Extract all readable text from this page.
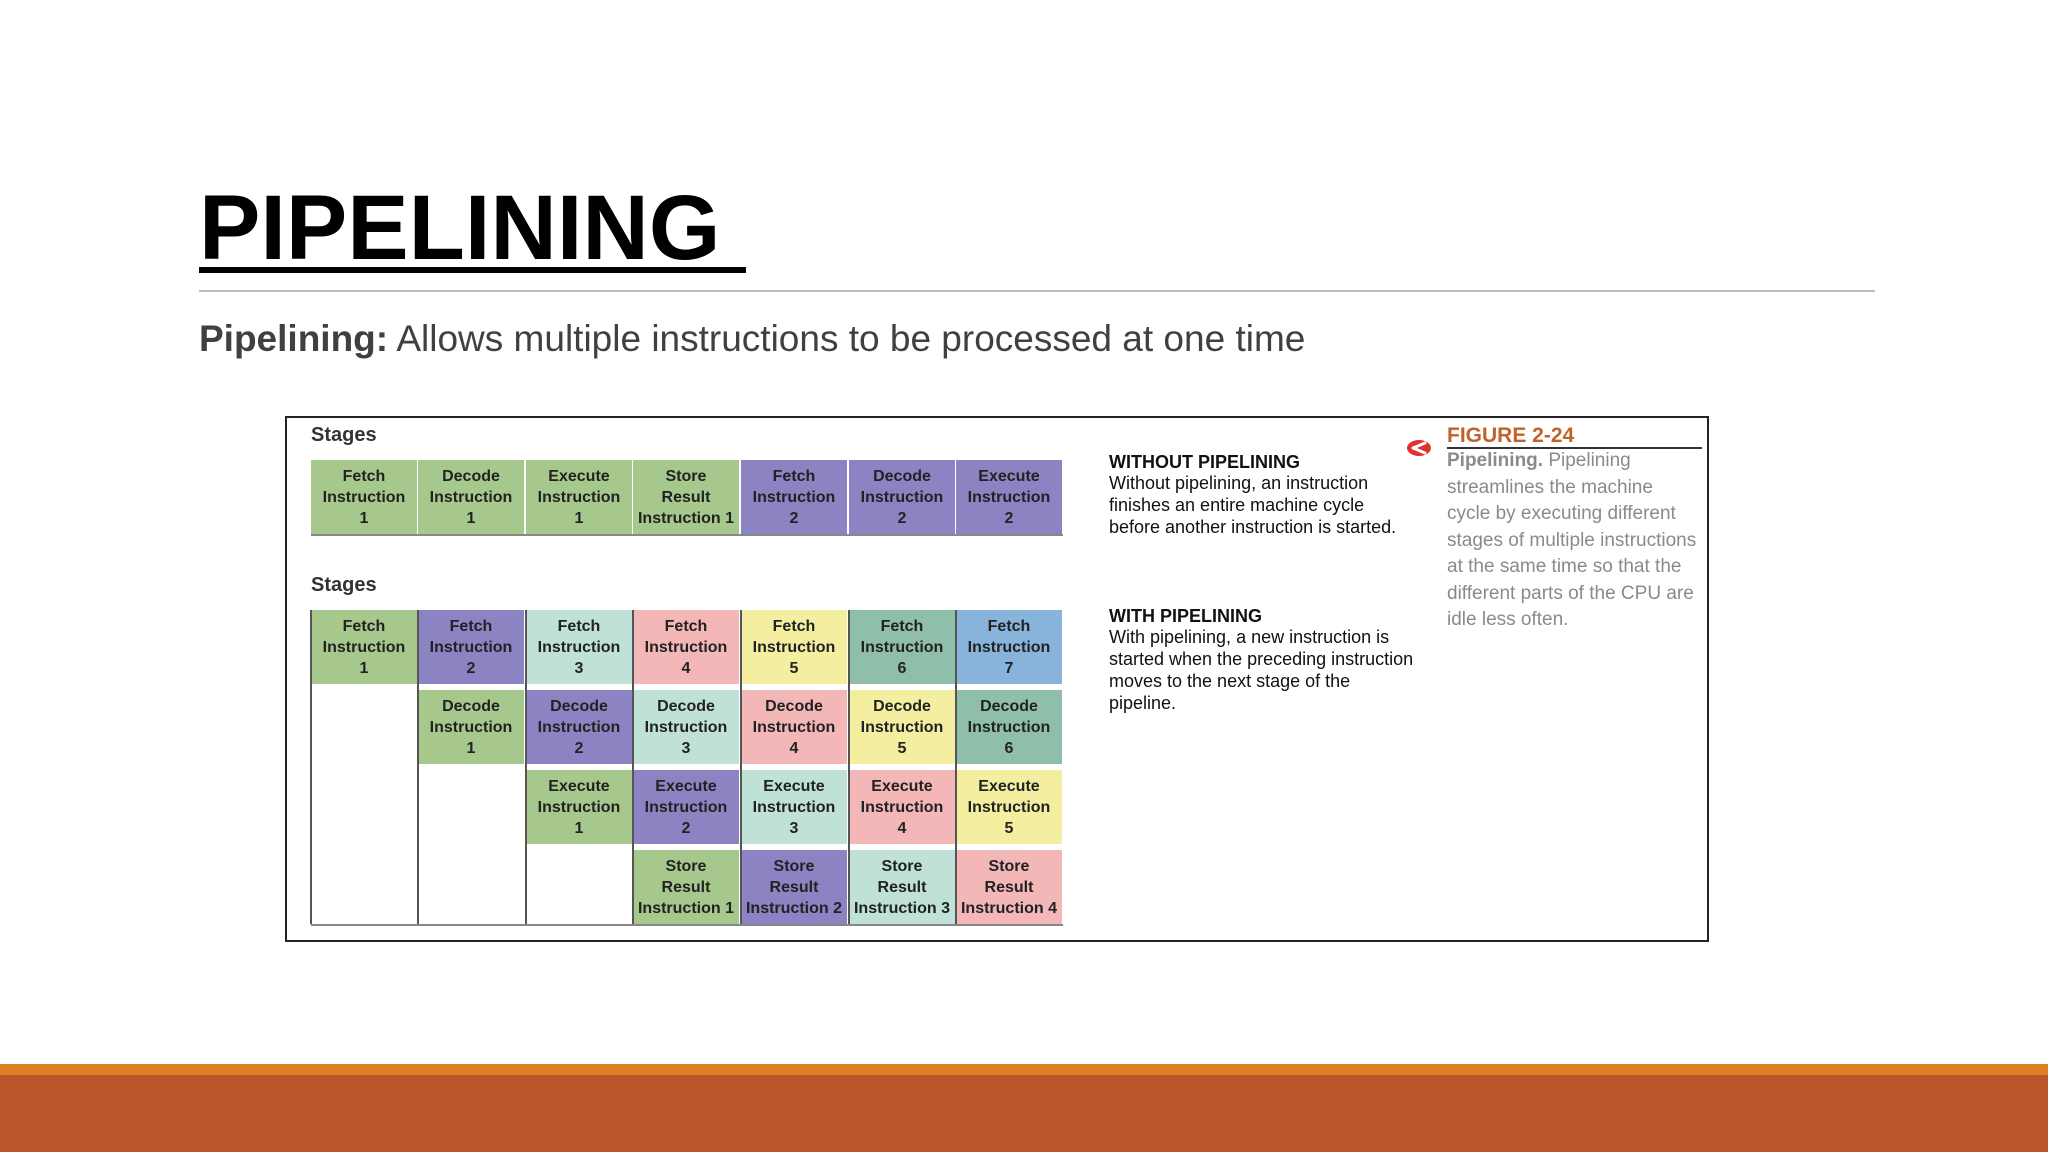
PIPELINING
Pipelining: Allows multiple instructions to be processed at one time
Stages
Fetch
Instruction
1
Decode
Instruction
1
Execute
Instruction
1
Store
Result
Instruction 1
Fetch
Instruction
2
Decode
Instruction
2
Execute
Instruction
2
Stages
Fetch
Instruction
1
Fetch
Instruction
2
Fetch
Instruction
3
Fetch
Instruction
4
Fetch
Instruction
5
Fetch
Instruction
6
Fetch
Instruction
7
Decode
Instruction
1
Decode
Instruction
2
Decode
Instruction
3
Decode
Instruction
4
Decode
Instruction
5
Decode
Instruction
6
Execute
Instruction
1
Execute
Instruction
2
Execute
Instruction
3
Execute
Instruction
4
Execute
Instruction
5
Store
Result
Instruction 1
Store
Result
Instruction 2
Store
Result
Instruction 3
Store
Result
Instruction 4
WITHOUT PIPELINING
Without pipelining, an instruction finishes an entire machine cycle before another instruction is started.
WITH PIPELINING
With pipelining, a new instruction is started when the preceding instruction moves to the next stage of the pipeline.
FIGURE 2-24
Pipelining. Pipelining streamlines the machine cycle by executing different stages of multiple instructions at the same time so that the different parts of the CPU are idle less often.
